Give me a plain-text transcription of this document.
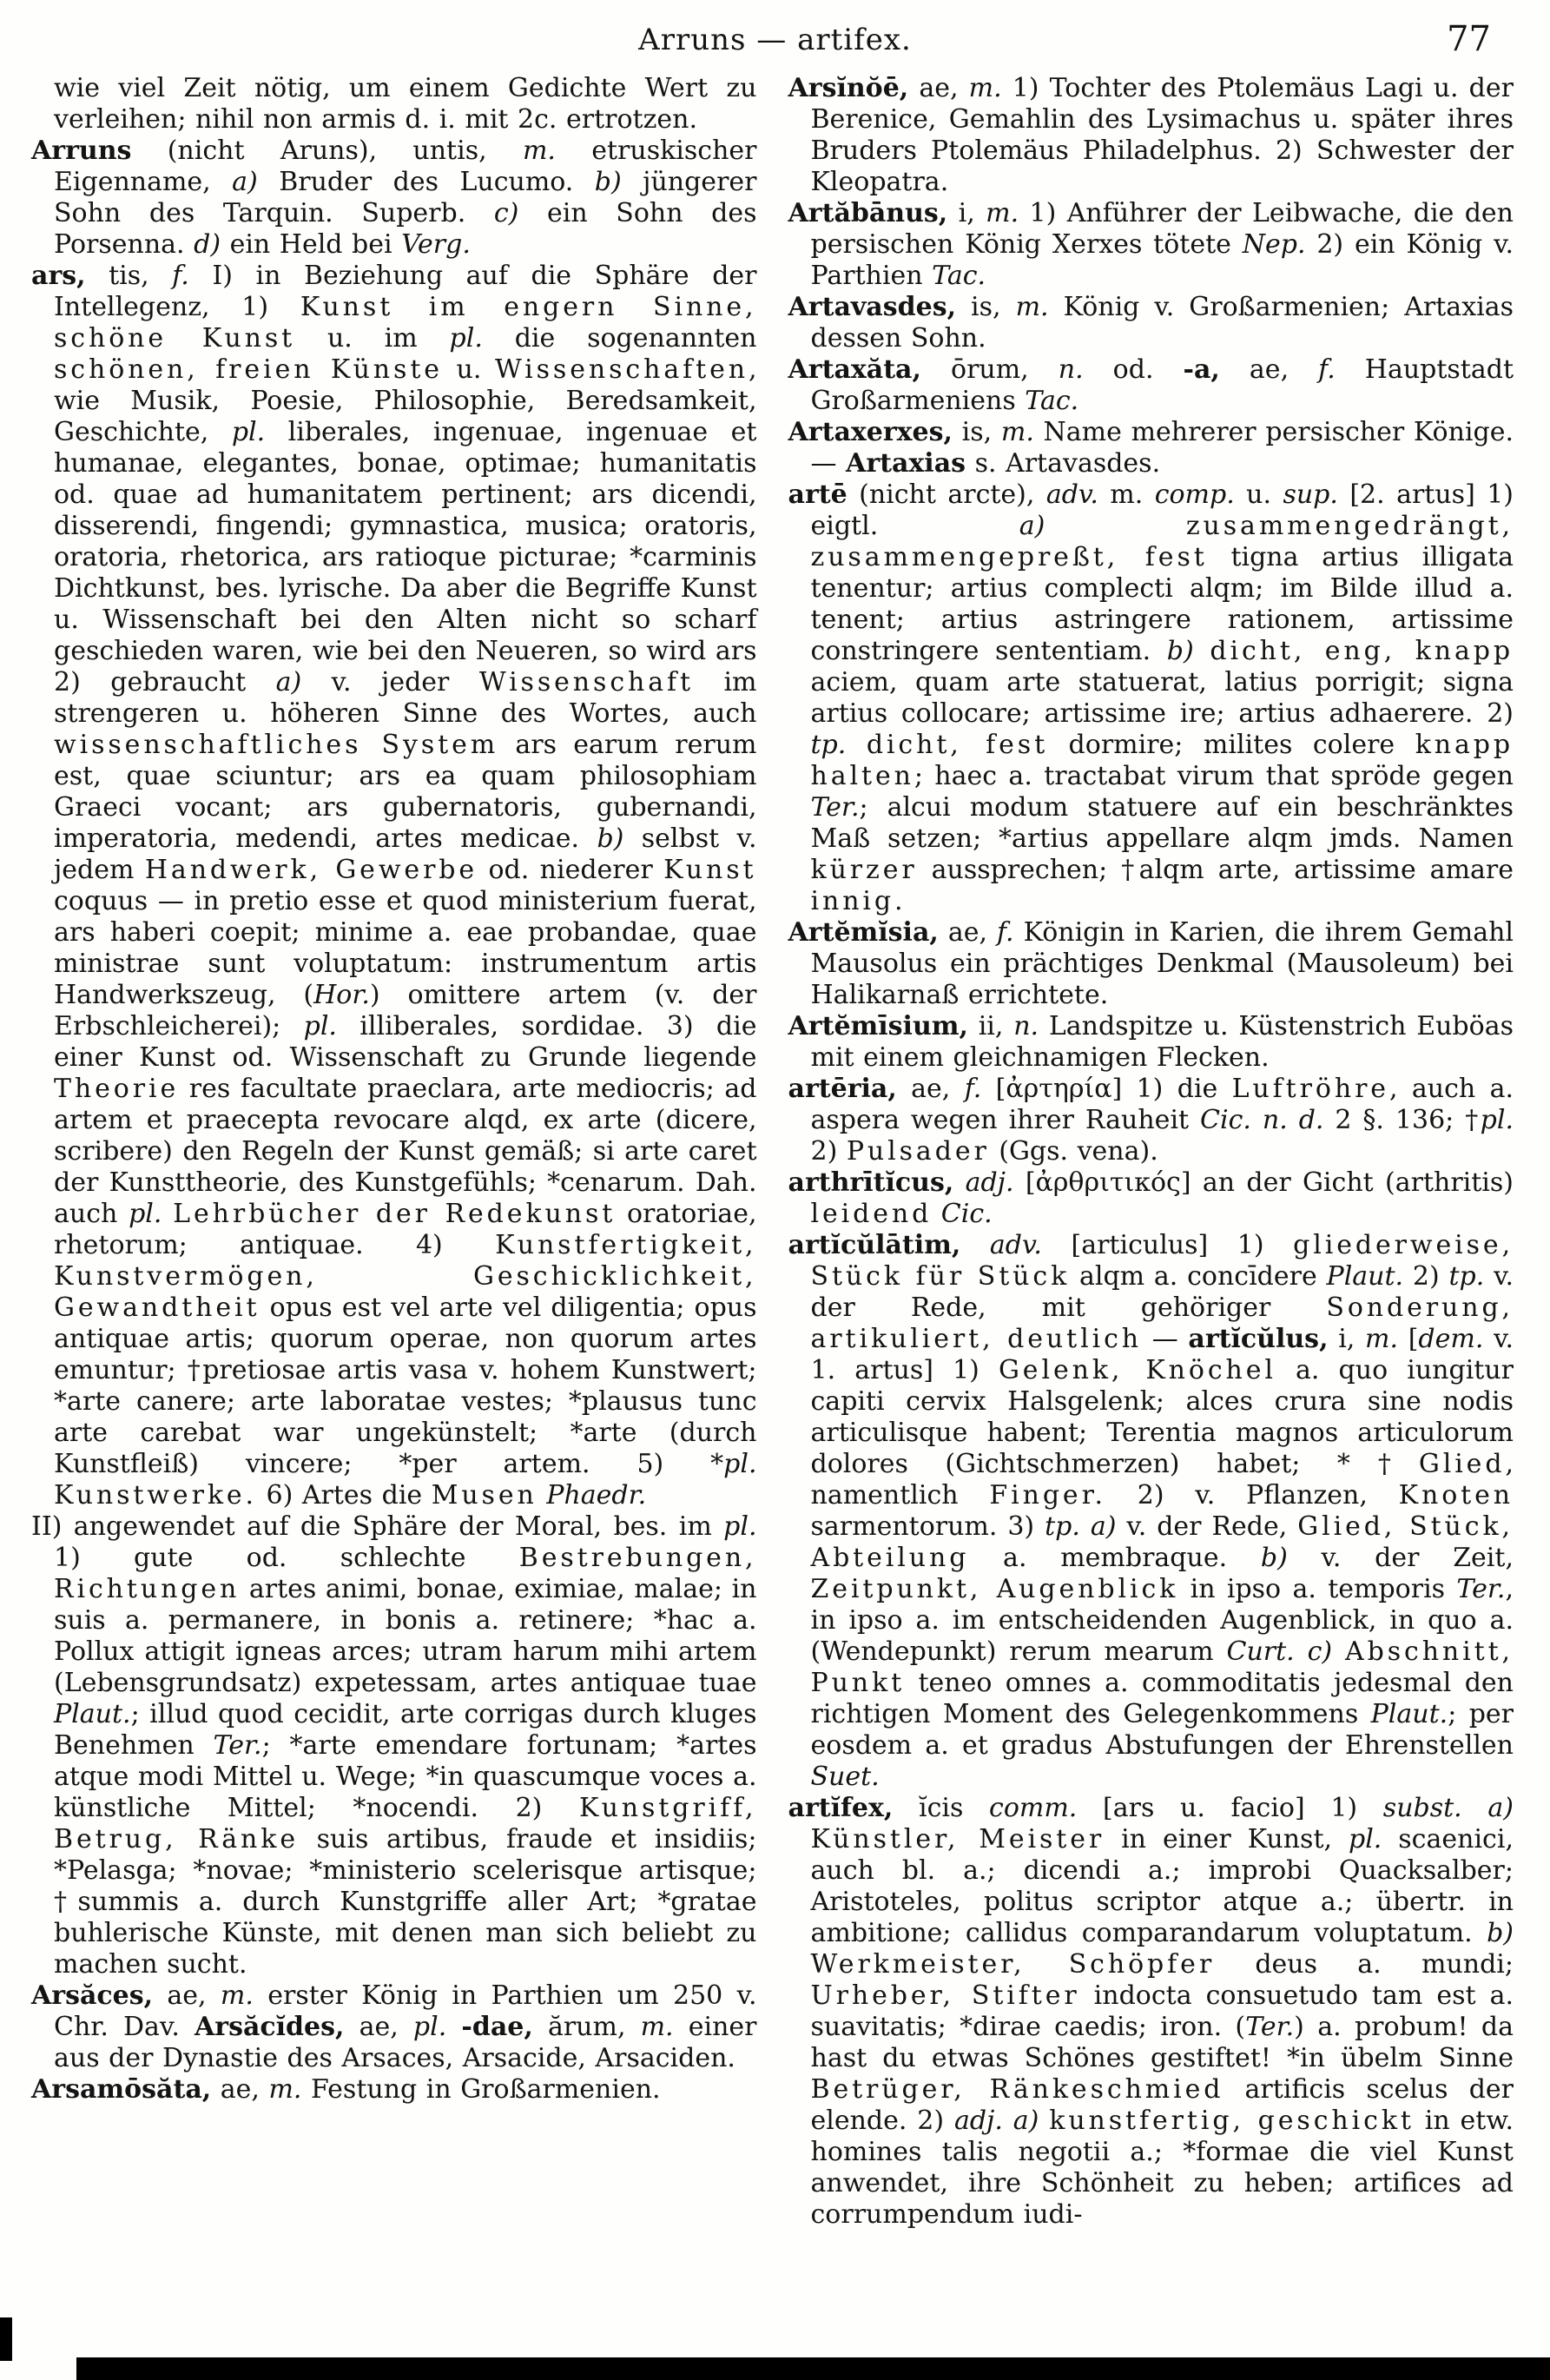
Arruns — artifex.	77

wie viel Zeit nötig, um einem Gedichte Wert zu verleihen; nihil non armis d. i. mit 2c. ertrotzen.

Arruns (nicht Aruns), untis, m. etruskischer Eigenname, a) Bruder des Lucumo. b) jüngerer Sohn des Tarquin. Superb. c) ein Sohn des Porsenna. d) ein Held bei Verg.

ars, tis, f. I) in Beziehung auf die Sphäre der Intellegenz, 1) Kunst im engern Sinne, schöne Kunst u. im pl. die sogenannten schönen, freien Künste u. Wissenschaften, wie Musik, Poesie, Philosophie, Beredsamkeit, Geschichte, pl. liberales, ingenuae, ingenuae et humanae, elegantes, bonae, optimae; humanitatis od. quae ad humanitatem pertinent; ars dicendi, disserendi, fingendi; gymnastica, musica; oratoris, oratoria, rhetorica, ars ratioque picturae; *carminis Dichtkunst, bes. lyrische. Da aber die Begriffe Kunst u. Wissenschaft bei den Alten nicht so scharf geschieden waren, wie bei den Neueren, so wird ars 2) gebraucht a) v. jeder Wissenschaft im strengeren u. höheren Sinne des Wortes, auch wissenschaftliches System ars earum rerum est, quae sciuntur; ars ea quam philosophiam Graeci vocant; ars gubernatoris, gubernandi, imperatoria, medendi, artes medicae. b) selbst v. jedem Handwerk, Gewerbe od. niederer Kunst coquus — in pretio esse et quod ministerium fuerat, ars haberi coepit; minime a. eae probandae, quae ministrae sunt voluptatum: instrumentum artis Handwerkszeug, (Hor.) omittere artem (v. der Erbschleicherei); pl. illiberales, sordidae. 3) die einer Kunst od. Wissenschaft zu Grunde liegende Theorie res facultate praeclara, arte mediocris; ad artem et praecepta revocare alqd, ex arte (dicere, scribere) den Regeln der Kunst gemäß; si arte caret der Kunsttheorie, des Kunstgefühls; *cenarum. Dah. auch pl. Lehrbücher der Redekunst oratoriae, rhetorum; antiquae. 4) Kunstfertigkeit, Kunstvermögen, Geschicklichkeit, Gewandtheit opus est vel arte vel diligentia; opus antiquae artis; quorum operae, non quorum artes emuntur; †pretiosae artis vasa v. hohem Kunstwert; *arte canere; arte laboratae vestes; *plausus tunc arte carebat war ungekünstelt; *arte (durch Kunstfleiß) vincere; *per artem. 5) *pl. Kunstwerke. 6) Artes die Musen Phaedr.

II) angewendet auf die Sphäre der Moral, bes. im pl. 1) gute od. schlechte Bestrebungen, Richtungen artes animi, bonae, eximiae, malae; in suis a. permanere, in bonis a. retinere; *hac a. Pollux attigit igneas arces; utram harum mihi artem (Lebensgrundsatz) expetessam, artes antiquae tuae Plaut.; illud quod cecidit, arte corrigas durch kluges Benehmen Ter.; *arte emendare fortunam; *artes atque modi Mittel u. Wege; *in quascumque voces a. künstliche Mittel; *nocendi. 2) Kunstgriff, Betrug, Ränke suis artibus, fraude et insidiis; *Pelasga; *novae; *ministerio scelerisque artisque; †summis a. durch Kunstgriffe aller Art; *gratae buhlerische Künste, mit denen man sich beliebt zu machen sucht.

Arsăces, ae, m. erster König in Parthien um 250 v. Chr. Dav. Arsăcĭdes, ae, pl. -dae, ărum, m. einer aus der Dynastie des Arsaces, Arsacide, Arsaciden.

Arsamōsăta, ae, m. Festung in Großarmenien.

Arsĭnŏē, ae, m. 1) Tochter des Ptolemäus Lagi u. der Berenice, Gemahlin des Lysimachus u. später ihres Bruders Ptolemäus Philadelphus. 2) Schwester der Kleopatra.

Artăbānus, i, m. 1) Anführer der Leibwache, die den persischen König Xerxes tötete Nep. 2) ein König v. Parthien Tac.

Artavasdes, is, m. König v. Großarmenien; Artaxias dessen Sohn.

Artaxăta, ōrum, n. od. -a, ae, f. Hauptstadt Großarmeniens Tac.

Artaxerxes, is, m. Name mehrerer persischer Könige. — Artaxias s. Artavasdes.

artē (nicht arcte), adv. m. comp. u. sup. [2. artus] 1) eigtl. a)	zusammengedrängt, zusammengepreßt, fest tigna artius illigata tenentur; artius complecti alqm; im Bilde illud a. tenent; artius astringere rationem, artissime constringere sententiam. b) dicht, eng, knapp aciem, quam arte statuerat, latius porrigit; signa artius collocare; artissime ire; artius adhaerere. 2) tp. dicht, fest dormire; milites colere knapp halten; haec a. tractabat virum that spröde gegen Ter.; alcui modum statuere auf ein beschränktes Maß setzen; *artius appellare alqm jmds. Namen kürzer aussprechen; †alqm arte, artissime amare innig.

Artĕmĭsia, ae, f. Königin in Karien, die ihrem Gemahl Mausolus ein prächtiges Denkmal (Mausoleum) bei Halikarnaß errichtete.

Artĕmīsium, ii, n. Landspitze u. Küstenstrich Euböas mit einem gleichnamigen Flecken.

artēria, ae, f. [ἀρτηρία] 1) die Luftröhre, auch a. aspera wegen ihrer Rauheit Cic. n. d. 2 §. 136; †pl. 2) Pulsader (Ggs. vena).

arthrītĭcus, adj. [ἀρθριτικός] an der Gicht (arthritis) leidend Cic.

artĭcŭlātim, adv. [articulus] 1) gliederweise, Stück für Stück alqm a. concīdere Plaut. 2) tp. v. der Rede, mit gehöriger Sonderung, artikuliert, deutlich — artĭcŭlus, i, m. [dem. v. 1. artus] 1) Gelenk, Knöchel a. quo iungitur capiti cervix Halsgelenk; alces crura sine nodis articulisque habent; Terentia magnos articulorum dolores (Gichtschmerzen) habet; *†Glied, namentlich Finger. 2) v. Pflanzen, Knoten sarmentorum. 3) tp. a) v. der Rede, Glied, Stück, Abteilung a. membraque. b) v. der Zeit, Zeitpunkt, Augenblick in ipso a. temporis Ter., in ipso a. im entscheidenden Augenblick, in quo a. (Wendepunkt) rerum mearum Curt. c) Abschnitt, Punkt teneo omnes a. commoditatis jedesmal den richtigen Moment des Gelegenkommens Plaut.; per eosdem a. et gradus Abstufungen der Ehrenstellen Suet.

artĭfex, ĭcis comm. [ars u. facio] 1) subst. a) Künstler, Meister in einer Kunst, pl. scaenici, auch bl. a.; dicendi a.; improbi Quacksalber; Aristoteles, politus scriptor atque a.; übertr. in ambitione; callidus comparandarum voluptatum. b) Werkmeister, Schöpfer deus a. mundi; Urheber, Stifter indocta consuetudo tam est a. suavitatis; *dirae caedis; iron. (Ter.) a. probum! da hast du etwas Schönes gestiftet! *in übelm Sinne Betrüger, Ränkeschmied artificis scelus der elende. 2) adj. a) kunstfertig, geschickt in etw. homines talis negotii a.; *formae die viel Kunst anwendet, ihre Schönheit zu heben; artifices ad corrumpendum iudi-
